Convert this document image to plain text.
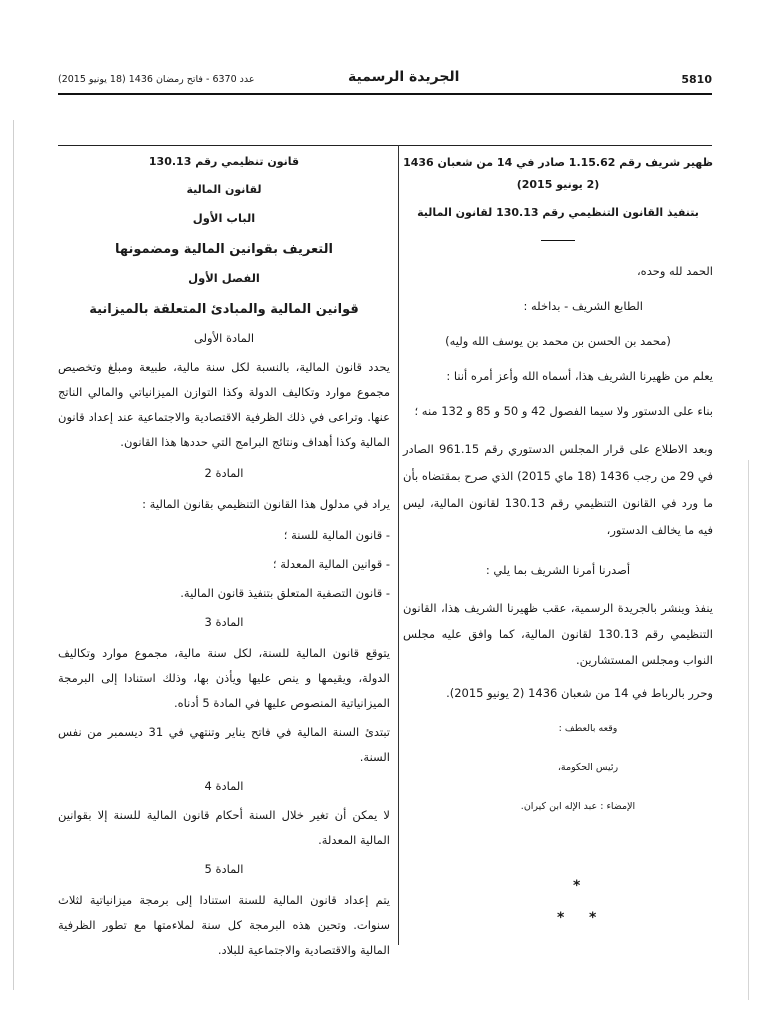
5810
الجريدة الرسمية
عدد 6370 - فاتح رمضان 1436 (18 يونيو 2015)

ظهير شريف رقم 1.15.62 صادر في 14 من شعبان 1436 (2 يونيو 2015)

بتنفيذ القانون التنظيمي رقم 130.13 لقانون المالية

الحمد لله وحده،

الطابع الشريف - بداخله :

(محمد بن الحسن بن محمد بن يوسف الله وليه)

يعلم من ظهيرنا الشريف هذا، أسماه الله وأعز أمره أننا :

بناء على الدستور ولا سيما الفصول 42 و 50 و 85 و 132 منه ؛

وبعد الاطلاع على قرار المجلس الدستوري رقم 961.15 الصادر في 29 من رجب 1436 (18 ماي 2015) الذي صرح بمقتضاه بأن ما ورد في القانون التنظيمي رقم 130.13 لقانون المالية، ليس فيه ما يخالف الدستور،

أصدرنا أمرنا الشريف بما يلي :

ينفذ وينشر بالجريدة الرسمية، عقب ظهيرنا الشريف هذا، القانون التنظيمي رقم 130.13 لقانون المالية، كما وافق عليه مجلس النواب ومجلس المستشارين.

وحرر بالرباط في 14 من شعبان 1436 (2 يونيو 2015).

وقعه بالعطف :

رئيس الحكومة،

الإمضاء : عبد الإله ابن كيران.

قانون تنظيمي رقم 130.13

لقانون المالية

الباب الأول

التعريف بقوانين المالية ومضمونها

الفصل الأول

قوانين المالية والمبادئ المتعلقة بالميزانية

المادة الأولى

يحدد قانون المالية، بالنسبة لكل سنة مالية، طبيعة ومبلغ وتخصيص مجموع موارد وتكاليف الدولة وكذا التوازن الميزانياتي والمالي الناتج عنها. وتراعى في ذلك الظرفية الاقتصادية والاجتماعية عند إعداد قانون المالية وكذا أهداف ونتائج البرامج التي حددها هذا القانون.

المادة 2

يراد في مدلول هذا القانون التنظيمي بقانون المالية :

- قانون المالية للسنة ؛

- قوانين المالية المعدلة ؛

- قانون التصفية المتعلق بتنفيذ قانون المالية.

المادة 3

يتوقع قانون المالية للسنة، لكل سنة مالية، مجموع موارد وتكاليف الدولة، ويقيمها و ينص عليها ويأذن بها، وذلك استنادا إلى البرمجة الميزانياتية المنصوص عليها في المادة 5 أدناه.

تبتدئ السنة المالية في فاتح يناير وتنتهي في 31 ديسمبر من نفس السنة.

المادة 4

لا يمكن أن تغير خلال السنة أحكام قانون المالية للسنة إلا بقوانين المالية المعدلة.

المادة 5

يتم إعداد قانون المالية للسنة استنادا إلى برمجة ميزانياتية لثلاث سنوات. وتحين هذه البرمجة كل سنة لملاءمتها مع تطور الظرفية المالية والاقتصادية والاجتماعية للبلاد.

*
* *
